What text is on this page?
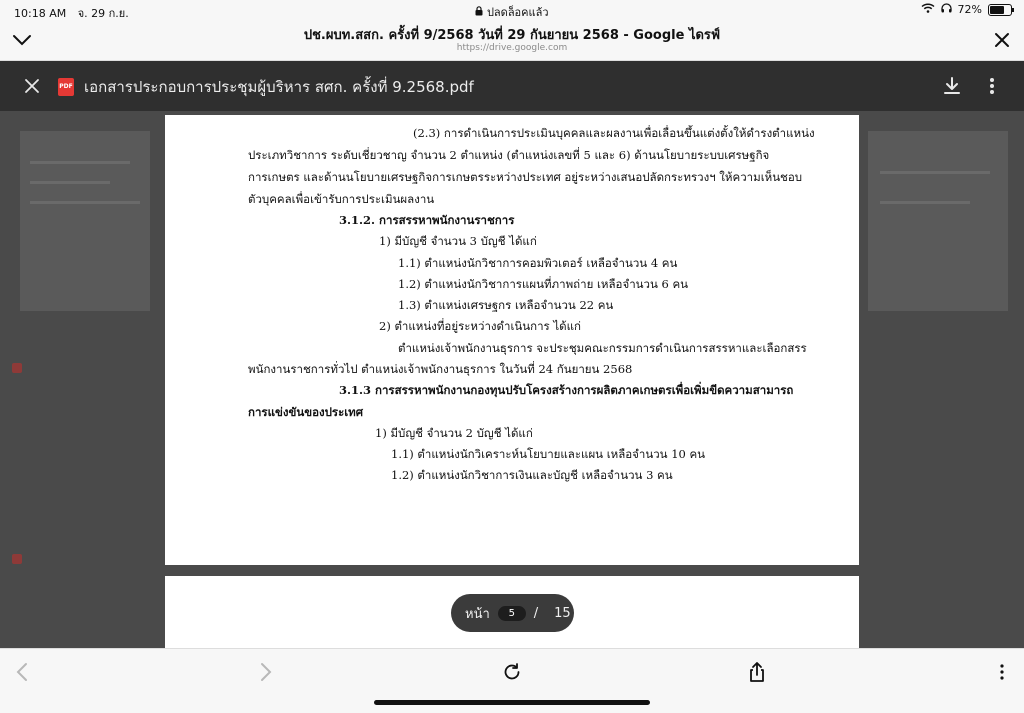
10:18 AM จ. 29 ก.ย.	ปลดล็อคแล้ว	72%
ปช.ผบท.สสก. ครั้งที่ 9/2568 วันที่ 29 กันยายน 2568 - Google ไดรฟ์
https://drive.google.com
PDF เอกสารประกอบการประชุมผู้บริหาร สศก. ครั้งที่ 9.2568.pdf
(2.3) การดำเนินการประเมินบุคคลและผลงานเพื่อเลื่อนขึ้นแต่งตั้งให้ดำรงตำแหน่ง
ประเภทวิชาการ ระดับเชี่ยวชาญ จำนวน 2 ตำแหน่ง (ตำแหน่งเลขที่ 5 และ 6) ด้านนโยบายระบบเศรษฐกิจ
การเกษตร และด้านนโยบายเศรษฐกิจการเกษตรระหว่างประเทศ อยู่ระหว่างเสนอปลัดกระทรวงฯ ให้ความเห็นชอบ
ตัวบุคคลเพื่อเข้ารับการประเมินผลงาน
3.1.2. การสรรหาพนักงานราชการ
1) มีบัญชี จำนวน 3 บัญชี ได้แก่
1.1) ตำแหน่งนักวิชาการคอมพิวเตอร์ เหลือจำนวน 4 คน
1.2) ตำแหน่งนักวิชาการแผนที่ภาพถ่าย เหลือจำนวน 6 คน
1.3) ตำแหน่งเศรษฐกร เหลือจำนวน 22 คน
2) ตำแหน่งที่อยู่ระหว่างดำเนินการ ได้แก่
ตำแหน่งเจ้าพนักงานธุรการ จะประชุมคณะกรรมการดำเนินการสรรหาและเลือกสรร
พนักงานราชการทั่วไป ตำแหน่งเจ้าพนักงานธุรการ ในวันที่ 24 กันยายน 2568
3.1.3 การสรรหาพนักงานกองทุนปรับโครงสร้างการผลิตภาคเกษตรเพื่อเพิ่มขีดความสามารถ
การแข่งขันของประเทศ
1) มีบัญชี จำนวน 2 บัญชี ได้แก่
1.1) ตำแหน่งนักวิเคราะห์นโยบายและแผน เหลือจำนวน 10 คน
1.2) ตำแหน่งนักวิชาการเงินและบัญชี เหลือจำนวน 3 คน
หน้า	5	/ 15
